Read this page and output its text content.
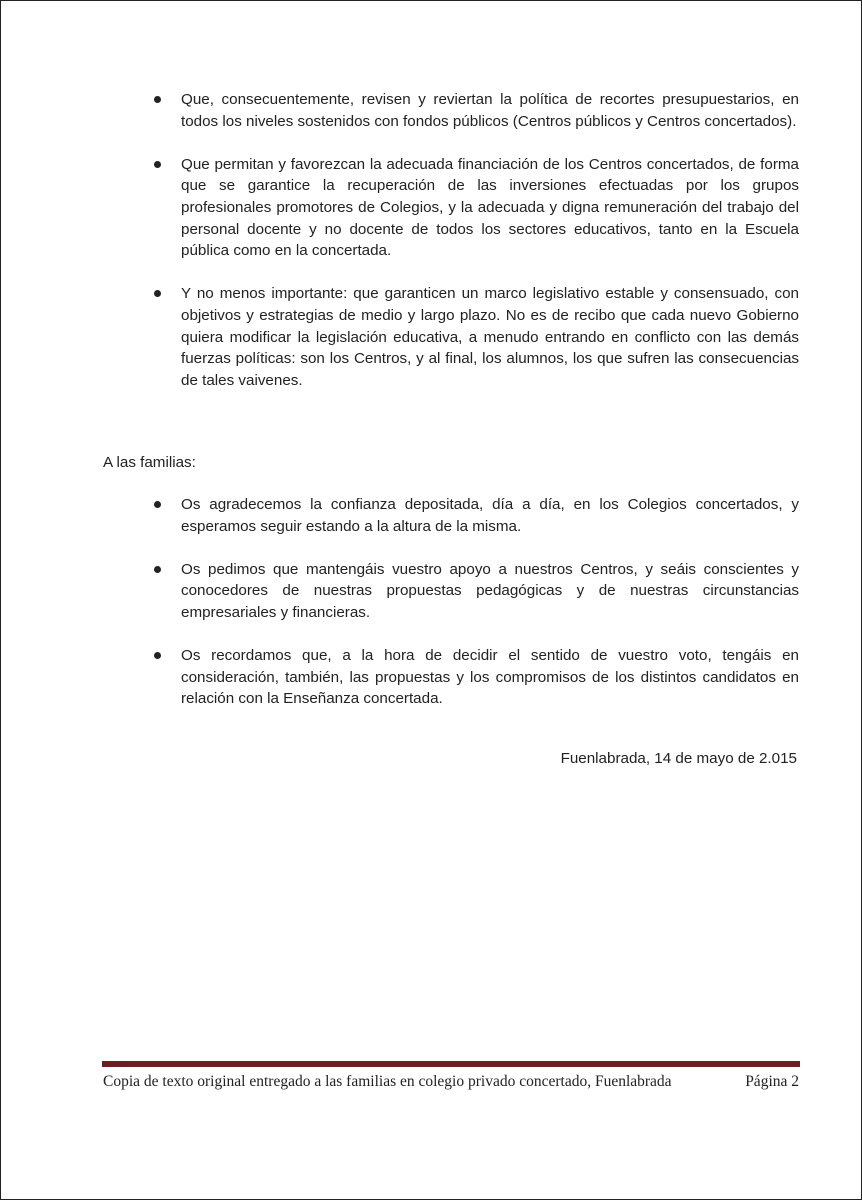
Que, consecuentemente, revisen y reviertan la política de recortes presupuestarios, en todos los niveles sostenidos con fondos públicos (Centros públicos y Centros concertados).
Que permitan y favorezcan la adecuada financiación de los Centros concertados, de forma que se garantice la recuperación de las inversiones efectuadas por los grupos profesionales promotores de Colegios, y la adecuada y digna remuneración del trabajo del personal docente y no docente de todos los sectores educativos, tanto en la Escuela pública como en la concertada.
Y no menos importante: que garanticen un marco legislativo estable y consensuado, con objetivos y estrategias de medio y largo plazo. No es de recibo que cada nuevo Gobierno quiera modificar la legislación educativa, a menudo entrando en conflicto con las demás fuerzas políticas: son los Centros, y al final, los alumnos, los que sufren las consecuencias de tales vaivenes.
A las familias:
Os agradecemos la confianza depositada, día a día, en los Colegios concertados, y esperamos seguir estando a la altura de la misma.
Os pedimos que mantengáis vuestro apoyo a nuestros Centros, y seáis conscientes y conocedores de nuestras propuestas pedagógicas y de nuestras circunstancias empresariales y financieras.
Os recordamos que, a la hora de decidir el sentido de vuestro voto, tengáis en consideración, también, las propuestas y los compromisos de los distintos candidatos en relación con la Enseñanza concertada.
Fuenlabrada, 14 de mayo de 2.015
Copia de texto original entregado a las familias en colegio privado concertado, Fuenlabrada	Página 2
